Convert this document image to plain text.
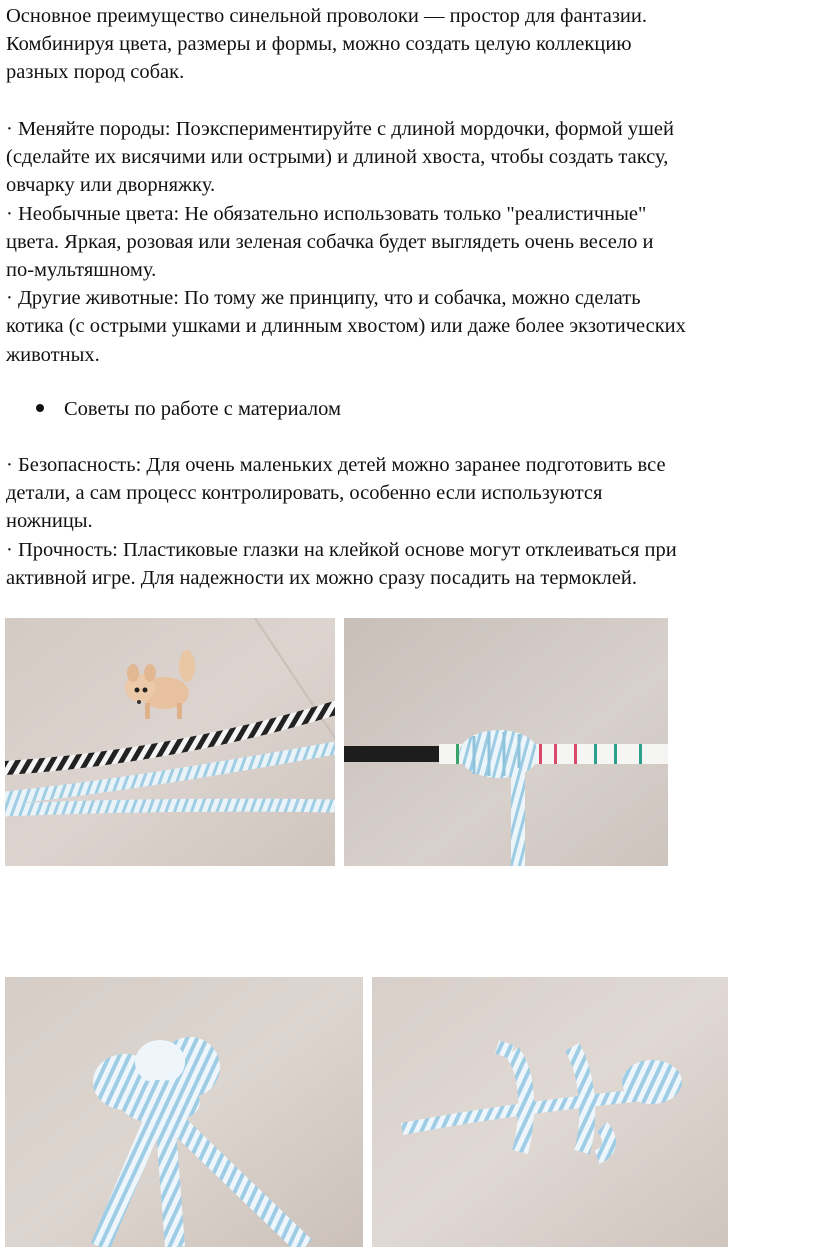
Основное преимущество синельной проволоки — простор для фантазии.
Комбинируя цвета, размеры и формы, можно создать целую коллекцию
разных пород собак.
· Меняйте породы: Поэкспериментируйте с длиной мордочки, формой ушей
(сделайте их висячими или острыми) и длиной хвоста, чтобы создать таксу,
овчарку или дворняжку.
· Необычные цвета: Не обязательно использовать только "реалистичные"
цвета. Яркая, розовая или зеленая собачка будет выглядеть очень весело и
по-мультяшному.
· Другие животные: По тому же принципу, что и собачка, можно сделать
котика (с острыми ушками и длинным хвостом) или даже более экзотических
животных.
Советы по работе с материалом
· Безопасность: Для очень маленьких детей можно заранее подготовить все
детали, а сам процесс контролировать, особенно если используются
ножницы.
· Прочность: Пластиковые глазки на клейкой основе могут отклеиваться при
активной игре. Для надежности их можно сразу посадить на термоклей.
